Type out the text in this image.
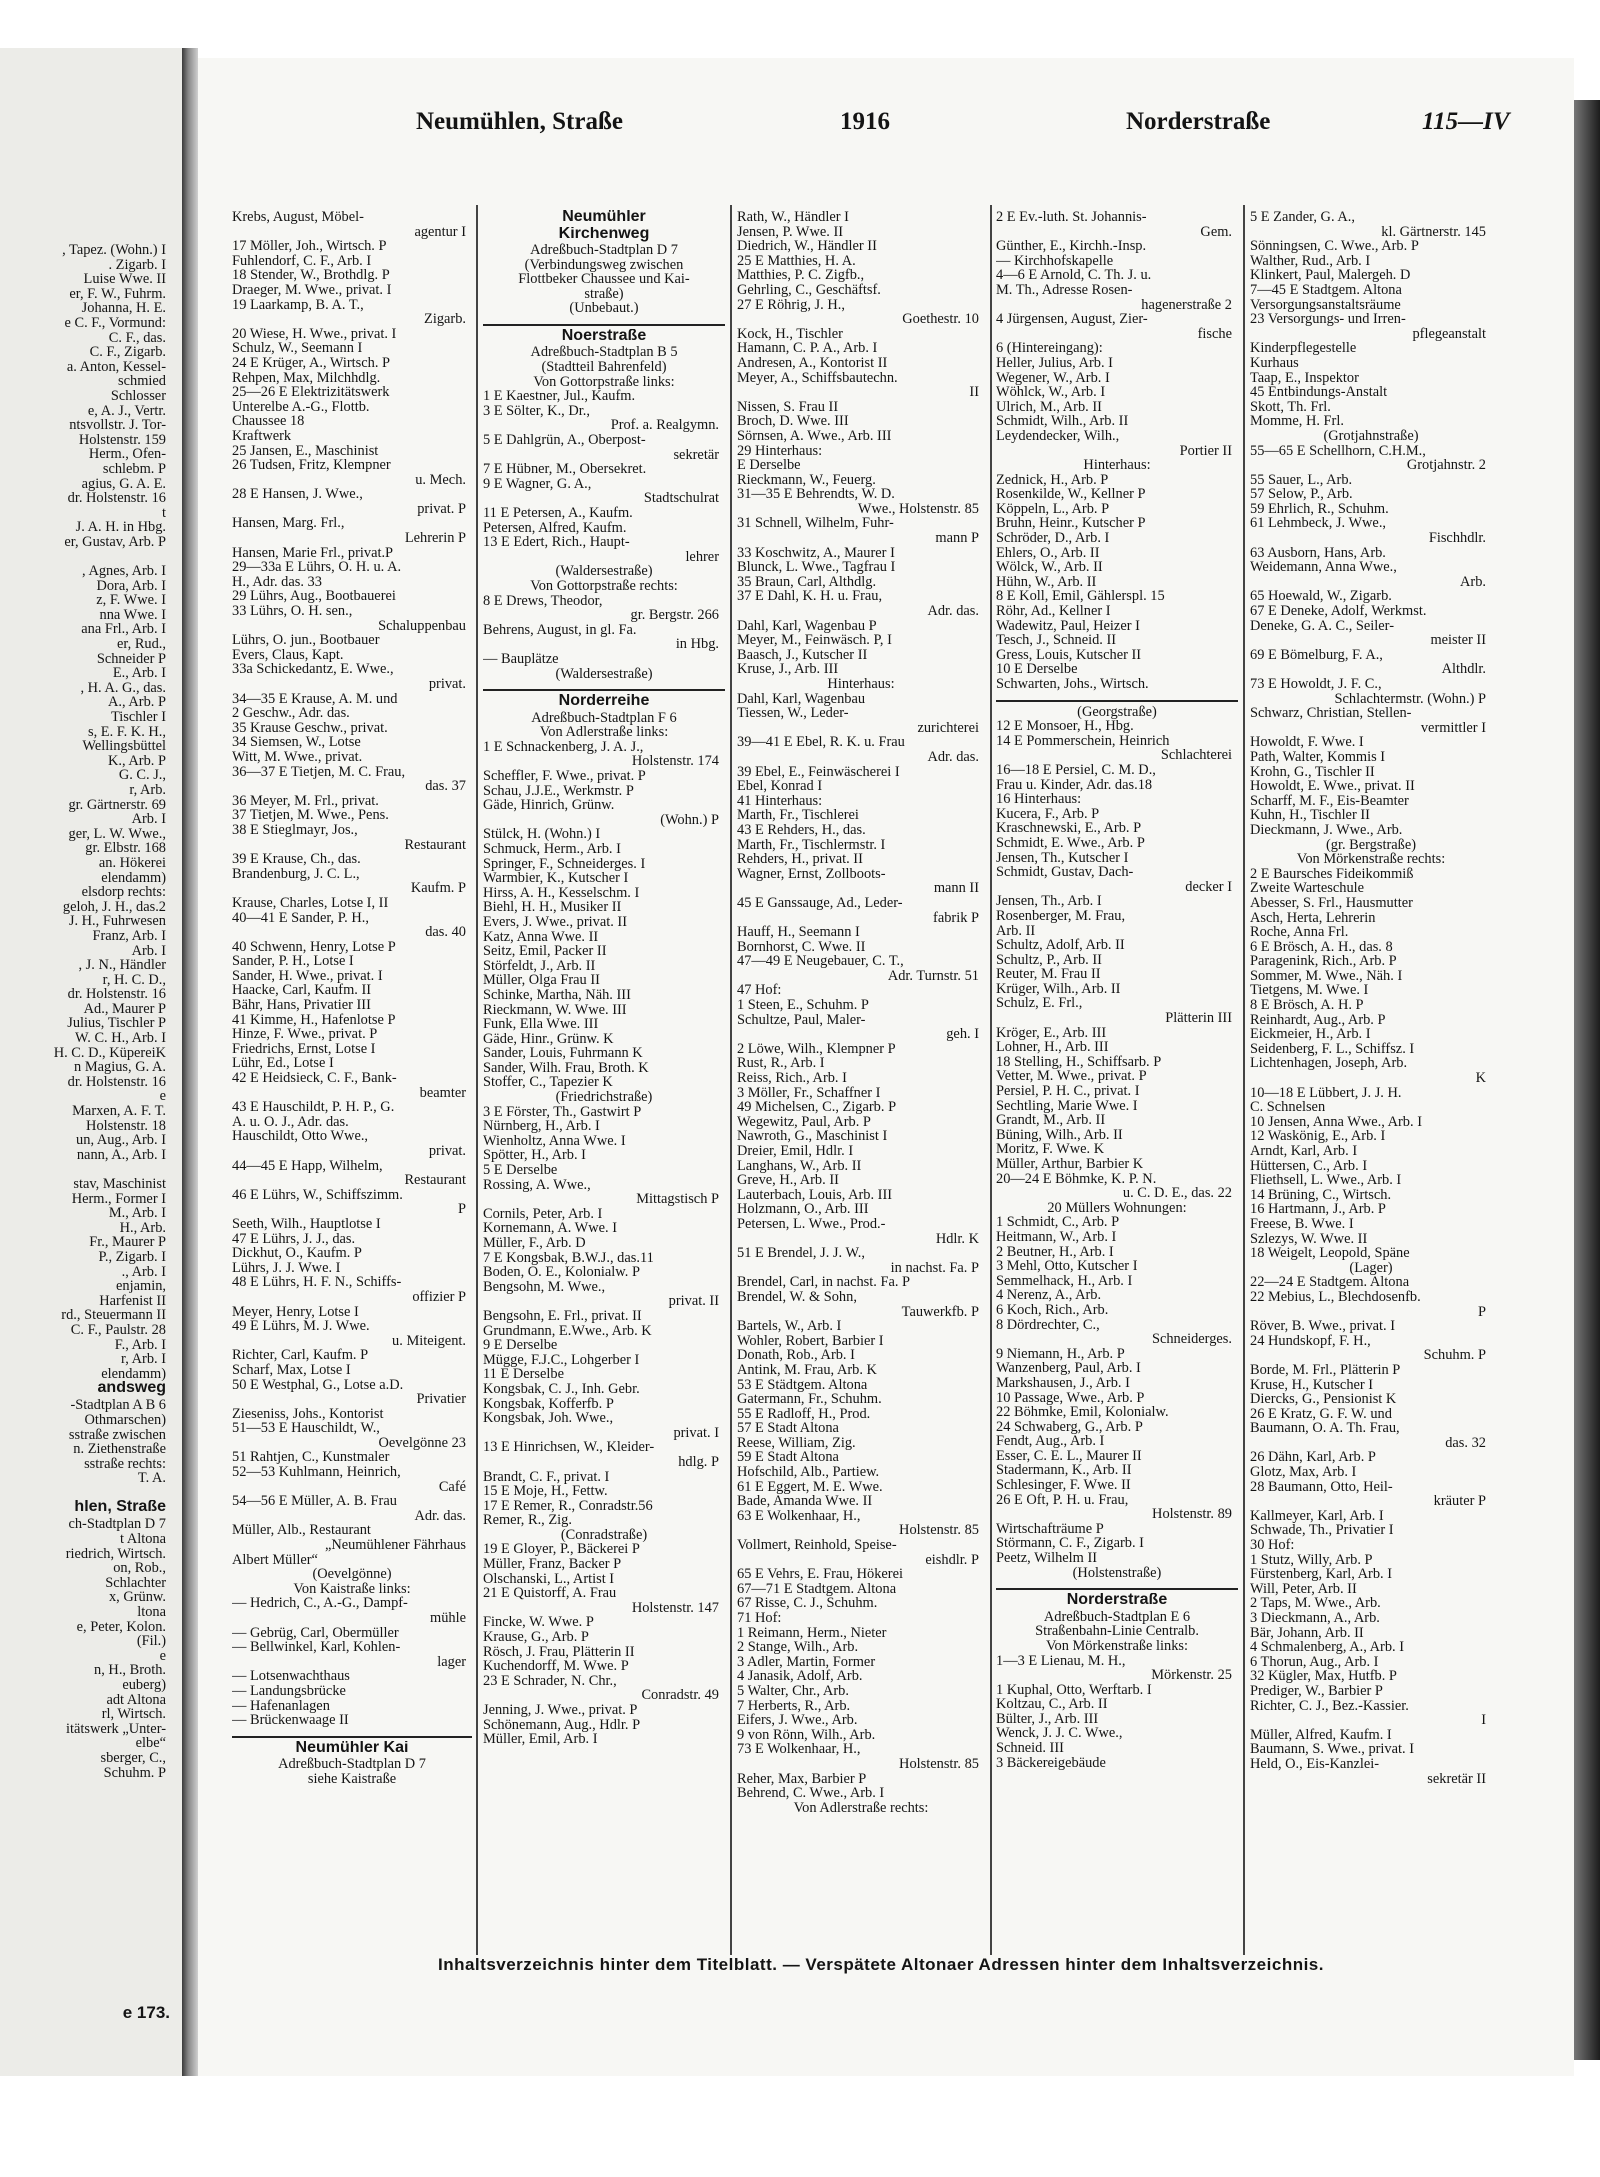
, Tapez. (Wohn.) I
. Zigarb. I
Luise Wwe. II
er, F. W., Fuhrm.
Johanna, H. E.
e C. F., Vormund:
C. F., das.
C. F., Zigarb.
a. Anton, Kessel-
schmied
Schlosser
e, A. J., Vertr.
ntsvollstr. J. Tor-
Holstenstr. 159
Herm., Ofen-
schlebm. P
agius, G. A. E.
dr. Holstenstr. 16
t
J. A. H. in Hbg.
er, Gustav, Arb. P
, Agnes, Arb. I
Dora, Arb. I
z, F. Wwe. I
nna Wwe. I
ana Frl., Arb. I
er, Rud.,
Schneider P
E., Arb. I
, H. A. G., das.
A., Arb. P
Tischler I
s, E. F. K. H.,
Wellingsbüttel
K., Arb. P
G. C. J.,
r, Arb.
gr. Gärtnerstr. 69
Arb. I
ger, L. W. Wwe.,
gr. Elbstr. 168
an. Hökerei
elendamm)
elsdorp rechts:
geloh, J. H., das.2
J. H., Fuhrwesen
Franz, Arb. I
Arb. I
, J. N., Händler
r, H. C. D.,
dr. Holstenstr. 16
Ad., Maurer P
Julius, Tischler P
W. C. H., Arb. I
H. C. D., KüpereiK
n Magius, G. A.
dr. Holstenstr. 16
e
Marxen, A. F. T.
Holstenstr. 18
un, Aug., Arb. I
nann, A., Arb. I
stav, Maschinist
Herm., Former I
M., Arb. I
H., Arb.
Fr., Maurer P
P., Zigarb. I
., Arb. I
enjamin,
Harfenist II
rd., Steuermann II
C. F., Paulstr. 28
F., Arb. I
r, Arb. I
elendamm)
andsweg
-Stadtplan A B 6
Othmarschen)
sstraße zwischen
n. Ziethenstraße
sstraße rechts:
T. A.
hlen, Straße
ch-Stadtplan D 7
t Altona
riedrich, Wirtsch.
on, Rob.,
Schlachter
x, Grünw.
ltona
e, Peter, Kolon.
(Fil.)
e
n, H., Broth.
euberg)
adt Altona
rl, Wirtsch.
itätswerk „Unter-
elbe“
sberger, C.,
Schuhm. P
e 173.
Neumühlen, Straße	1916	Norderstraße	115—IV
Krebs, August, Möbel-
agentur I
17 Möller, Joh., Wirtsch. P
Fuhlendorf, C. F., Arb. I
18 Stender, W., Brothdlg. P
Draeger, M. Wwe., privat. I
19 Laarkamp, B. A. T.,
Zigarb.
20 Wiese, H. Wwe., privat. I
Schulz, W., Seemann I
24 E Krüger, A., Wirtsch. P
Rehpen, Max, Milchhdlg.
25—26 E Elektrizitätswerk
Unterelbe A.-G., Flottb.
Chaussee 18
Kraftwerk
25 Jansen, E., Maschinist
26 Tudsen, Fritz, Klempner
u. Mech.
28 E Hansen, J. Wwe.,
privat. P
Hansen, Marg. Frl.,
Lehrerin P
Hansen, Marie Frl., privat.P
29—33a E Lührs, O. H. u. A.
H., Adr. das. 33
29 Lührs, Aug., Bootbauerei
33 Lührs, O. H. sen.,
Schaluppenbau
Lührs, O. jun., Bootbauer
Evers, Claus, Kapt.
33a Schickedantz, E. Wwe.,
privat.
34—35 E Krause, A. M. und
2 Geschw., Adr. das.
35 Krause Geschw., privat.
34 Siemsen, W., Lotse
Witt, M. Wwe., privat.
36—37 E Tietjen, M. C. Frau,
das. 37
36 Meyer, M. Frl., privat.
37 Tietjen, M. Wwe., Pens.
38 E Stieglmayr, Jos.,
Restaurant
39 E Krause, Ch., das.
Brandenburg, J. C. L.,
Kaufm. P
Krause, Charles, Lotse I, II
40—41 E Sander, P. H.,
das. 40
40 Schwenn, Henry, Lotse P
Sander, P. H., Lotse I
Sander, H. Wwe., privat. I
Haacke, Carl, Kaufm. II
Bähr, Hans, Privatier III
41 Kimme, H., Hafenlotse P
Hinze, F. Wwe., privat. P
Friedrichs, Ernst, Lotse I
Lühr, Ed., Lotse I
42 E Heidsieck, C. F., Bank-
beamter
43 E Hauschildt, P. H. P., G.
A. u. O. J., Adr. das.
Hauschildt, Otto Wwe.,
privat.
44—45 E Happ, Wilhelm,
Restaurant
46 E Lührs, W., Schiffszimm.
P
Seeth, Wilh., Hauptlotse I
47 E Lührs, J. J., das.
Dickhut, O., Kaufm. P
Lührs, J. J. Wwe. I
48 E Lührs, H. F. N., Schiffs-
offizier P
Meyer, Henry, Lotse I
49 E Lührs, M. J. Wwe.
u. Miteigent.
Richter, Carl, Kaufm. P
Scharf, Max, Lotse I
50 E Westphal, G., Lotse a.D.
Privatier
Zieseniss, Johs., Kontorist
51—53 E Hauschildt, W.,
Oevelgönne 23
51 Rahtjen, C., Kunstmaler
52—53 Kuhlmann, Heinrich,
Café
54—56 E Müller, A. B. Frau
Adr. das.
Müller, Alb., Restaurant
„Neumühlener Fährhaus
Albert Müller“
(Oevelgönne)
Von Kaistraße links:
— Hedrich, C., A.-G., Dampf-
mühle
— Gebrüg, Carl, Obermüller
— Bellwinkel, Karl, Kohlen-
lager
— Lotsenwachthaus
— Landungsbrücke
— Hafenanlagen
— Brückenwaage II
Neumühler Kai
Adreßbuch-Stadtplan D 7
siehe Kaistraße
Neumühler
Kirchenweg
Adreßbuch-Stadtplan D 7
(Verbindungsweg zwischen
Flottbeker Chaussee und Kai-
straße)
(Unbebaut.)
Noerstraße
Adreßbuch-Stadtplan B 5
(Stadtteil Bahrenfeld)
Von Gottorpstraße links:
1 E Kaestner, Jul., Kaufm.
3 E Sölter, K., Dr.,
Prof. a. Realgymn.
5 E Dahlgrün, A., Oberpost-
sekretär
7 E Hübner, M., Obersekret.
9 E Wagner, G. A.,
Stadtschulrat
11 E Petersen, A., Kaufm.
Petersen, Alfred, Kaufm.
13 E Edert, Rich., Haupt-
lehrer
(Waldersestraße)
Von Gottorpstraße rechts:
8 E Drews, Theodor,
gr. Bergstr. 266
Behrens, August, in gl. Fa.
in Hbg.
— Bauplätze
(Waldersestraße)
Norderreihe
Adreßbuch-Stadtplan F 6
Von Adlerstraße links:
1 E Schnackenberg, J. A. J.,
Holstenstr. 174
Scheffler, F. Wwe., privat. P
Schau, J.J.E., Werkmstr. P
Gäde, Hinrich, Grünw.
(Wohn.) P
Stülck, H. (Wohn.) I
Schmuck, Herm., Arb. I
Springer, F., Schneiderges. I
Warmbier, K., Kutscher I
Hirss, A. H., Kesselschm. I
Biehl, H. H., Musiker II
Evers, J. Wwe., privat. II
Katz, Anna Wwe. II
Seitz, Emil, Packer II
Störfeldt, J., Arb. II
Müller, Olga Frau II
Schinke, Martha, Näh. III
Rieckmann, W. Wwe. III
Funk, Ella Wwe. III
Gäde, Hinr., Grünw. K
Sander, Louis, Fuhrmann K
Sander, Wilh. Frau, Broth. K
Stoffer, C., Tapezier K
(Friedrichstraße)
3 E Förster, Th., Gastwirt P
Nürnberg, H., Arb. I
Wienholtz, Anna Wwe. I
Spötter, H., Arb. I
5 E Derselbe
Rossing, A. Wwe.,
Mittagstisch P
Cornils, Peter, Arb. I
Kornemann, A. Wwe. I
Müller, F., Arb. D
7 E Kongsbak, B.W.J., das.11
Boden, O. E., Kolonialw. P
Bengsohn, M. Wwe.,
privat. II
Bengsohn, E. Frl., privat. II
Grundmann, E.Wwe., Arb. K
9 E Derselbe
Mügge, F.J.C., Lohgerber I
11 E Derselbe
Kongsbak, C. J., Inh. Gebr.
Kongsbak, Kofferfb. P
Kongsbak, Joh. Wwe.,
privat. I
13 E Hinrichsen, W., Kleider-
hdlg. P
Brandt, C. F., privat. I
15 E Moje, H., Fettw.
17 E Remer, R., Conradstr.56
Remer, R., Zig.
(Conradstraße)
19 E Gloyer, P., Bäckerei P
Müller, Franz, Backer P
Olschanski, L., Artist I
21 E Quistorff, A. Frau
Holstenstr. 147
Fincke, W. Wwe. P
Krause, G., Arb. P
Rösch, J. Frau, Plätterin II
Kuchendorff, M. Wwe. P
23 E Schrader, N. Chr.,
Conradstr. 49
Jenning, J. Wwe., privat. P
Schönemann, Aug., Hdlr. P
Müller, Emil, Arb. I
Rath, W., Händler I
Jensen, P. Wwe. II
Diedrich, W., Händler II
25 E Matthies, H. A.
Matthies, P. C. Zigfb.,
Gehrling, C., Geschäftsf.
27 E Röhrig, J. H.,
Goethestr. 10
Kock, H., Tischler
Hamann, C. P. A., Arb. I
Andresen, A., Kontorist II
Meyer, A., Schiffsbautechn.
II
Nissen, S. Frau II
Broch, D. Wwe. III
Sörnsen, A. Wwe., Arb. III
29 Hinterhaus:
E Derselbe
Rieckmann, W., Feuerg.
31—35 E Behrendts, W. D.
Wwe., Holstenstr. 85
31 Schnell, Wilhelm, Fuhr-
mann P
33 Koschwitz, A., Maurer I
Blunck, L. Wwe., Tagfrau I
35 Braun, Carl, Althdlg.
37 E Dahl, K. H. u. Frau,
Adr. das.
Dahl, Karl, Wagenbau P
Meyer, M., Feinwäsch. P, I
Baasch, J., Kutscher II
Kruse, J., Arb. III
Hinterhaus:
Dahl, Karl, Wagenbau
Tiessen, W., Leder-
zurichterei
39—41 E Ebel, R. K. u. Frau
Adr. das.
39 Ebel, E., Feinwäscherei I
Ebel, Konrad I
41 Hinterhaus:
Marth, Fr., Tischlerei
43 E Rehders, H., das.
Marth, Fr., Tischlermstr. I
Rehders, H., privat. II
Wagner, Ernst, Zollboots-
mann II
45 E Ganssauge, Ad., Leder-
fabrik P
Hauff, H., Seemann I
Bornhorst, C. Wwe. II
47—49 E Neugebauer, C. T.,
Adr. Turnstr. 51
47 Hof:
1 Steen, E., Schuhm. P
Schultze, Paul, Maler-
geh. I
2 Löwe, Wilh., Klempner P
Rust, R., Arb. I
Reiss, Rich., Arb. I
3 Möller, Fr., Schaffner I
49 Michelsen, C., Zigarb. P
Wegewitz, Paul, Arb. P
Nawroth, G., Maschinist I
Dreier, Emil, Hdlr. I
Langhans, W., Arb. II
Greve, H., Arb. II
Lauterbach, Louis, Arb. III
Holzmann, O., Arb. III
Petersen, L. Wwe., Prod.-
Hdlr. K
51 E Brendel, J. J. W.,
in nachst. Fa. P
Brendel, Carl, in nachst. Fa. P
Brendel, W. & Sohn,
Tauwerkfb. P
Bartels, W., Arb. I
Wohler, Robert, Barbier I
Donath, Rob., Arb. I
Antink, M. Frau, Arb. K
53 E Städtgem. Altona
Gatermann, Fr., Schuhm.
55 E Radloff, H., Prod.
57 E Stadt Altona
Reese, William, Zig.
59 E Stadt Altona
Hofschild, Alb., Partiew.
61 E Eggert, M. E. Wwe.
Bade, Amanda Wwe. II
63 E Wolkenhaar, H.,
Holstenstr. 85
Vollmert, Reinhold, Speise-
eishdlr. P
65 E Vehrs, E. Frau, Hökerei
67—71 E Stadtgem. Altona
67 Risse, C. J., Schuhm.
71 Hof:
1 Reimann, Herm., Nieter
2 Stange, Wilh., Arb.
3 Adler, Martin, Former
4 Janasik, Adolf, Arb.
5 Walter, Chr., Arb.
7 Herberts, R., Arb.
Eifers, J. Wwe., Arb.
9 von Rönn, Wilh., Arb.
73 E Wolkenhaar, H.,
Holstenstr. 85
Reher, Max, Barbier P
Behrend, C. Wwe., Arb. I
Von Adlerstraße rechts:
2 E Ev.-luth. St. Johannis-
Gem.
Günther, E., Kirchh.-Insp.
— Kirchhofskapelle
4—6 E Arnold, C. Th. J. u.
M. Th., Adresse Rosen-
hagenerstraße 2
4 Jürgensen, August, Zier-
fische
6 (Hintereingang):
Heller, Julius, Arb. I
Wegener, W., Arb. I
Wöhlck, W., Arb. I
Ulrich, M., Arb. II
Schmidt, Wilh., Arb. II
Leydendecker, Wilh.,
Portier II
Hinterhaus:
Zednick, H., Arb. P
Rosenkilde, W., Kellner P
Köppeln, L., Arb. P
Bruhn, Heinr., Kutscher P
Schröder, D., Arb. I
Ehlers, O., Arb. II
Wölck, W., Arb. II
Hühn, W., Arb. II
8 E Koll, Emil, Gählerspl. 15
Röhr, Ad., Kellner I
Wadewitz, Paul, Heizer I
Tesch, J., Schneid. II
Gress, Louis, Kutscher II
10 E Derselbe
Schwarten, Johs., Wirtsch.
(Georgstraße)
12 E Monsoer, H., Hbg.
14 E Pommerschein, Heinrich
Schlachterei
16—18 E Persiel, C. M. D.,
Frau u. Kinder, Adr. das.18
16 Hinterhaus:
Kucera, F., Arb. P
Kraschnewski, E., Arb. P
Schmidt, E. Wwe., Arb. P
Jensen, Th., Kutscher I
Schmidt, Gustav, Dach-
decker I
Jensen, Th., Arb. I
Rosenberger, M. Frau,
Arb. II
Schultz, Adolf, Arb. II
Schultz, P., Arb. II
Reuter, M. Frau II
Krüger, Wilh., Arb. II
Schulz, E. Frl.,
Plätterin III
Kröger, E., Arb. III
Lohner, H., Arb. III
18 Stelling, H., Schiffsarb. P
Vetter, M. Wwe., privat. P
Persiel, P. H. C., privat. I
Sechtling, Marie Wwe. I
Grandt, M., Arb. II
Büning, Wilh., Arb. II
Moritz, F. Wwe. K
Müller, Arthur, Barbier K
20—24 E Böhmke, K. P. N.
u. C. D. E., das. 22
20 Müllers Wohnungen:
1 Schmidt, C., Arb. P
Heitmann, W., Arb. I
2 Beutner, H., Arb. I
3 Mehl, Otto, Kutscher I
Semmelhack, H., Arb. I
4 Nerenz, A., Arb.
6 Koch, Rich., Arb.
8 Dördrechter, C.,
Schneiderges.
9 Niemann, H., Arb. P
Wanzenberg, Paul, Arb. I
Markshausen, J., Arb. I
10 Passage, Wwe., Arb. P
22 Böhmke, Emil, Kolonialw.
24 Schwaberg, G., Arb. P
Fendt, Aug., Arb. I
Esser, C. E. L., Maurer II
Stadermann, K., Arb. II
Schlesinger, F. Wwe. II
26 E Oft, P. H. u. Frau,
Holstenstr. 89
Wirtschafträume P
Störmann, C. F., Zigarb. I
Peetz, Wilhelm II
(Holstenstraße)
Norderstraße
Adreßbuch-Stadtplan E 6
Straßenbahn-Linie Centralb.
Von Mörkenstraße links:
1—3 E Lienau, M. H.,
Mörkenstr. 25
1 Kuphal, Otto, Werftarb. I
Koltzau, C., Arb. II
Bülter, J., Arb. III
Wenck, J. J. C. Wwe.,
Schneid. III
3 Bäckereigebäude
5 E Zander, G. A.,
kl. Gärtnerstr. 145
Sönningsen, C. Wwe., Arb. P
Walther, Rud., Arb. I
Klinkert, Paul, Malergeh. D
7—45 E Stadtgem. Altona
Versorgungsanstaltsräume
23 Versorgungs- und Irren-
pflegeanstalt
Kinderpflegestelle
Kurhaus
Taap, E., Inspektor
45 Entbindungs-Anstalt
Skott, Th. Frl.
Momme, H. Frl.
(Grotjahnstraße)
55—65 E Schellhorn, C.H.M.,
Grotjahnstr. 2
55 Sauer, L., Arb.
57 Selow, P., Arb.
59 Ehrlich, R., Schuhm.
61 Lehmbeck, J. Wwe.,
Fischhdlr.
63 Ausborn, Hans, Arb.
Weidemann, Anna Wwe.,
Arb.
65 Hoewald, W., Zigarb.
67 E Deneke, Adolf, Werkmst.
Deneke, G. A. C., Seiler-
meister II
69 E Bömelburg, F. A.,
Althdlr.
73 E Howoldt, J. F. C.,
Schlachtermstr. (Wohn.) P
Schwarz, Christian, Stellen-
vermittler I
Howoldt, F. Wwe. I
Path, Walter, Kommis I
Krohn, G., Tischler II
Howoldt, E. Wwe., privat. II
Scharff, M. F., Eis-Beamter
Kuhn, H., Tischler II
Dieckmann, J. Wwe., Arb.
(gr. Bergstraße)
Von Mörkenstraße rechts:
2 E Baursches Fideikommiß
Zweite Warteschule
Abesser, S. Frl., Hausmutter
Asch, Herta, Lehrerin
Roche, Anna Frl.
6 E Brösch, A. H., das. 8
Paragenink, Rich., Arb. P
Sommer, M. Wwe., Näh. I
Tietgens, M. Wwe. I
8 E Brösch, A. H. P
Reinhardt, Aug., Arb. P
Eickmeier, H., Arb. I
Seidenberg, F. L., Schiffsz. I
Lichtenhagen, Joseph, Arb.
K
10—18 E Lübbert, J. J. H.
C. Schnelsen
10 Jensen, Anna Wwe., Arb. I
12 Waskönig, E., Arb. I
Arndt, Karl, Arb. I
Hüttersen, C., Arb. I
Fliethsell, L. Wwe., Arb. I
14 Brüning, C., Wirtsch.
16 Hartmann, J., Arb. P
Freese, B. Wwe. I
Szlezys, W. Wwe. II
18 Weigelt, Leopold, Späne
(Lager)
22—24 E Stadtgem. Altona
22 Mebius, L., Blechdosenfb.
P
Röver, B. Wwe., privat. I
24 Hundskopf, F. H.,
Schuhm. P
Borde, M. Frl., Plätterin P
Kruse, H., Kutscher I
Diercks, G., Pensionist K
26 E Kratz, G. F. W. und
Baumann, O. A. Th. Frau,
das. 32
26 Dähn, Karl, Arb. P
Glotz, Max, Arb. I
28 Baumann, Otto, Heil-
kräuter P
Kallmeyer, Karl, Arb. I
Schwade, Th., Privatier I
30 Hof:
1 Stutz, Willy, Arb. P
Fürstenberg, Karl, Arb. I
Will, Peter, Arb. II
2 Taps, M. Wwe., Arb.
3 Dieckmann, A., Arb.
Bär, Johann, Arb. II
4 Schmalenberg, A., Arb. I
6 Thorun, Aug., Arb. I
32 Kügler, Max, Hutfb. P
Prediger, W., Barbier P
Richter, C. J., Bez.-Kassier.
I
Müller, Alfred, Kaufm. I
Baumann, S. Wwe., privat. I
Held, O., Eis-Kanzlei-
sekretär II
Inhaltsverzeichnis hinter dem Titelblatt. — Verspätete Altonaer Adressen hinter dem Inhaltsverzeichnis.
